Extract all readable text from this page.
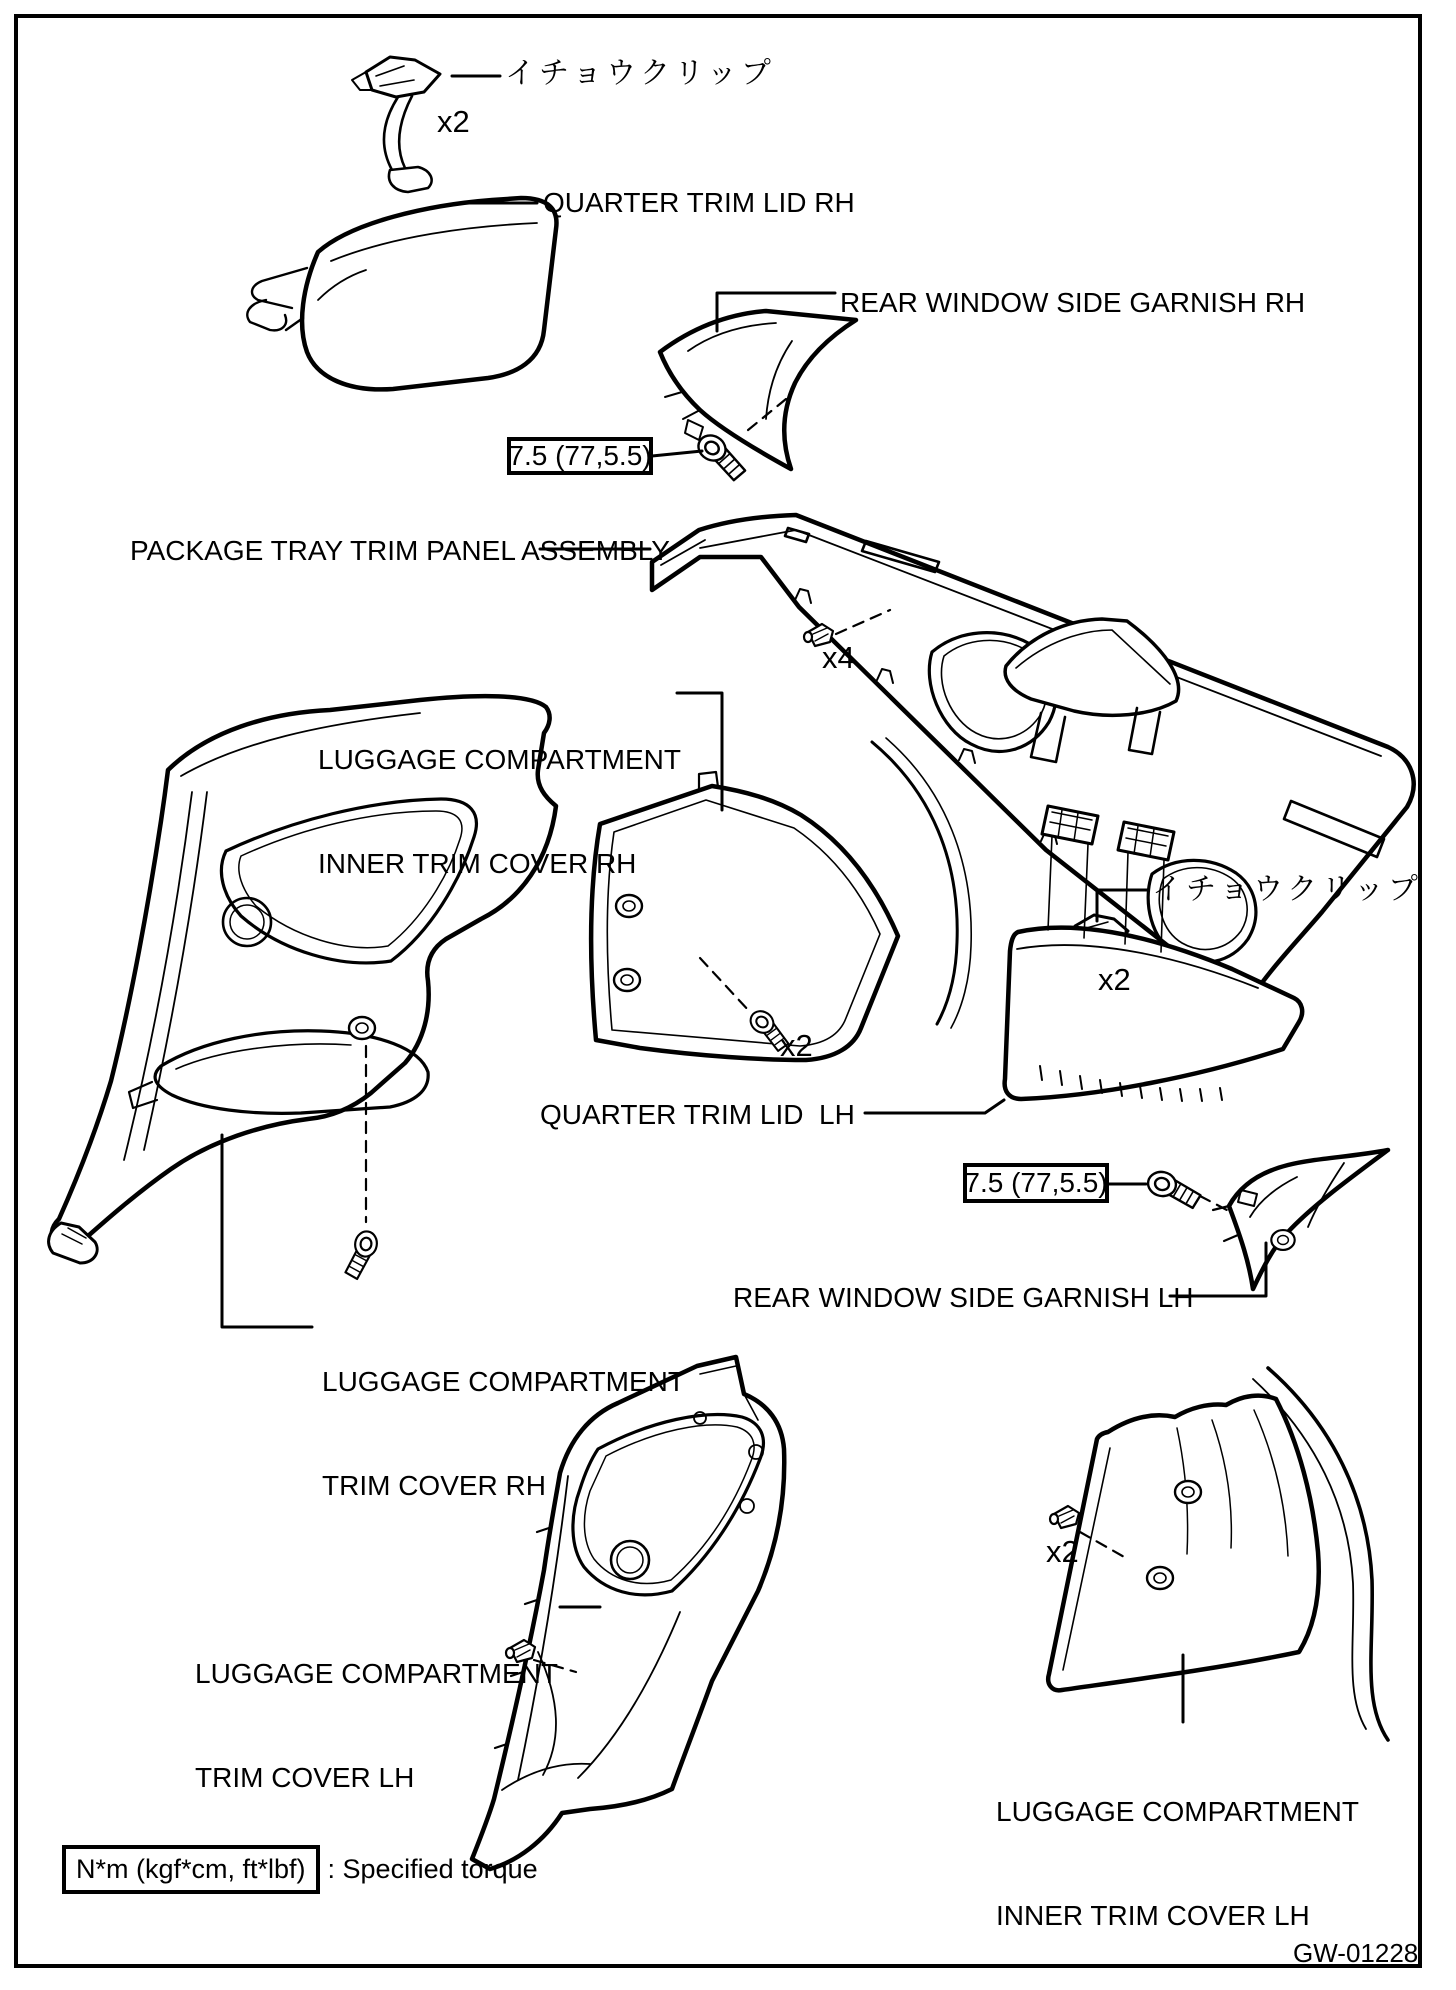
イチョウクリップ
x2
QUARTER TRIM LID RH
REAR WINDOW SIDE GARNISH RH
7.5 (77,5.5)
PACKAGE TRAY TRIM PANEL ASSEMBLY
x4

LUGGAGE COMPARTMENT

INNER TRIM COVER RH

x2
イチョウクリップ
x2
QUARTER TRIM LID  LH
7.5 (77,5.5)
REAR WINDOW SIDE GARNISH LH

LUGGAGE COMPARTMENT

TRIM COVER RH

LUGGAGE COMPARTMENT

TRIM COVER LH

x2

LUGGAGE COMPARTMENT

INNER TRIM COVER LH

N*m (kgf*cm, ft*lbf) : Specified torque
GW-01228
